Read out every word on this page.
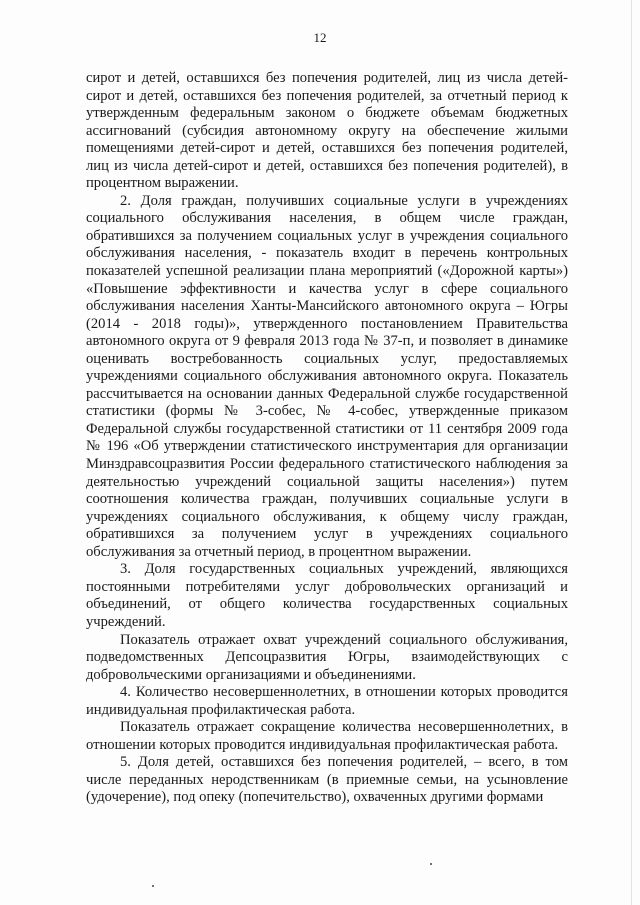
12

сирот и детей, оставшихся без попечения родителей, лиц из числа детей-сирот и детей, оставшихся без попечения родителей, за отчетный период к утвержденным федеральным законом о бюджете объемам бюджетных ассигнований (субсидия автономному округу на обеспечение жилыми помещениями детей-сирот и детей, оставшихся без попечения родителей, лиц из числа детей-сирот и детей, оставшихся без попечения родителей), в процентном выражении.

2. Доля граждан, получивших социальные услуги в учреждениях социального обслуживания населения, в общем числе граждан, обратившихся за получением социальных услуг в учреждения социального обслуживания населения, - показатель входит в перечень контрольных показателей успешной реализации плана мероприятий («Дорожной карты») «Повышение эффективности и качества услуг в сфере социального обслуживания населения Ханты-Мансийского автономного округа – Югры (2014 - 2018 годы)», утвержденного постановлением Правительства автономного округа от 9 февраля 2013 года № 37-п, и позволяет в динамике оценивать востребованность социальных услуг, предоставляемых учреждениями социального обслуживания автономного округа. Показатель рассчитывается на основании данных Федеральной службе государственной статистики (формы № 3-собес, № 4-собес, утвержденные приказом Федеральной службы государственной статистики от 11 сентября 2009 года № 196 «Об утверждении статистического инструментария для организации Минздравсоцразвития России федерального статистического наблюдения за деятельностью учреждений социальной защиты населения») путем соотношения количества граждан, получивших социальные услуги в учреждениях социального обслуживания, к общему числу граждан, обратившихся за получением услуг в учреждениях социального обслуживания за отчетный период, в процентном выражении.

3. Доля государственных социальных учреждений, являющихся постоянными потребителями услуг добровольческих организаций и объединений, от общего количества государственных социальных учреждений.

Показатель отражает охват учреждений социального обслуживания, подведомственных Депсоцразвития Югры, взаимодействующих с добровольческими организациями и объединениями.

4. Количество несовершеннолетних, в отношении которых проводится индивидуальная профилактическая работа.

Показатель отражает сокращение количества несовершеннолетних, в отношении которых проводится индивидуальная профилактическая работа.

5. Доля детей, оставшихся без попечения родителей, – всего, в том числе переданных неродственникам (в приемные семьи, на усыновление (удочерение), под опеку (попечительство), охваченных другими формами
